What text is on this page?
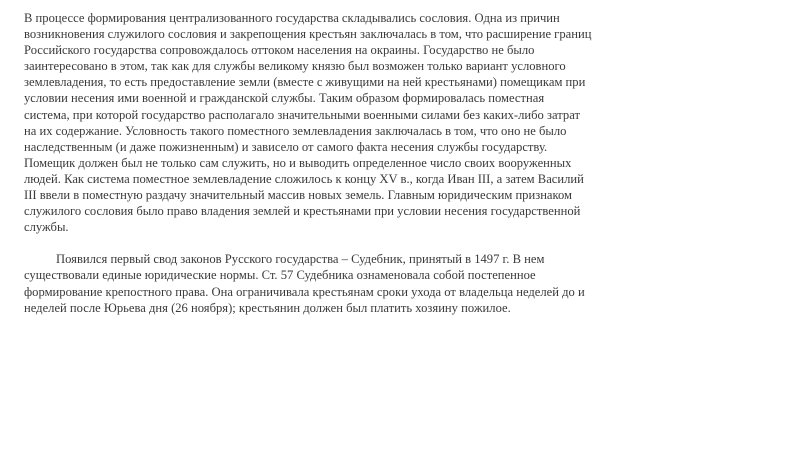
В процессе формирования централизованного государства складывались сословия. Одна из причин
возникновения служилого сословия и закрепощения крестьян заключалась в том, что расширение границ
Российского государства сопровождалось оттоком населения на окраины. Государство не было
заинтересовано в этом, так как для службы великому князю был возможен только вариант условного
землевладения, то есть предоставление земли (вместе с живущими на ней крестьянами) помещикам при
условии несения ими военной и гражданской службы. Таким образом формировалась поместная
система, при которой государство располагало значительными военными силами без каких-либо затрат
на их содержание. Условность такого поместного землевладения заключалась в том, что оно не было
наследственным (и даже пожизненным) и зависело от самого факта несения службы государству.
Помещик должен был не только сам служить, но и выводить определенное число своих вооруженных
людей. Как система поместное землевладение сложилось к концу XV в., когда Иван III, а затем Василий
III ввели в поместную раздачу значительный массив новых земель. Главным юридическим признаком
служилого сословия было право владения землей и крестьянами при условии несения государственной
службы.

Появился первый свод законов Русского государства – Судебник, принятый в 1497 г. В нем
существовали единые юридические нормы. Ст. 57 Судебника ознаменовала собой постепенное
формирование крепостного права. Она ограничивала крестьянам сроки ухода от владельца неделей до и
неделей после Юрьева дня (26 ноября); крестьянин должен был платить хозяину пожилое.
